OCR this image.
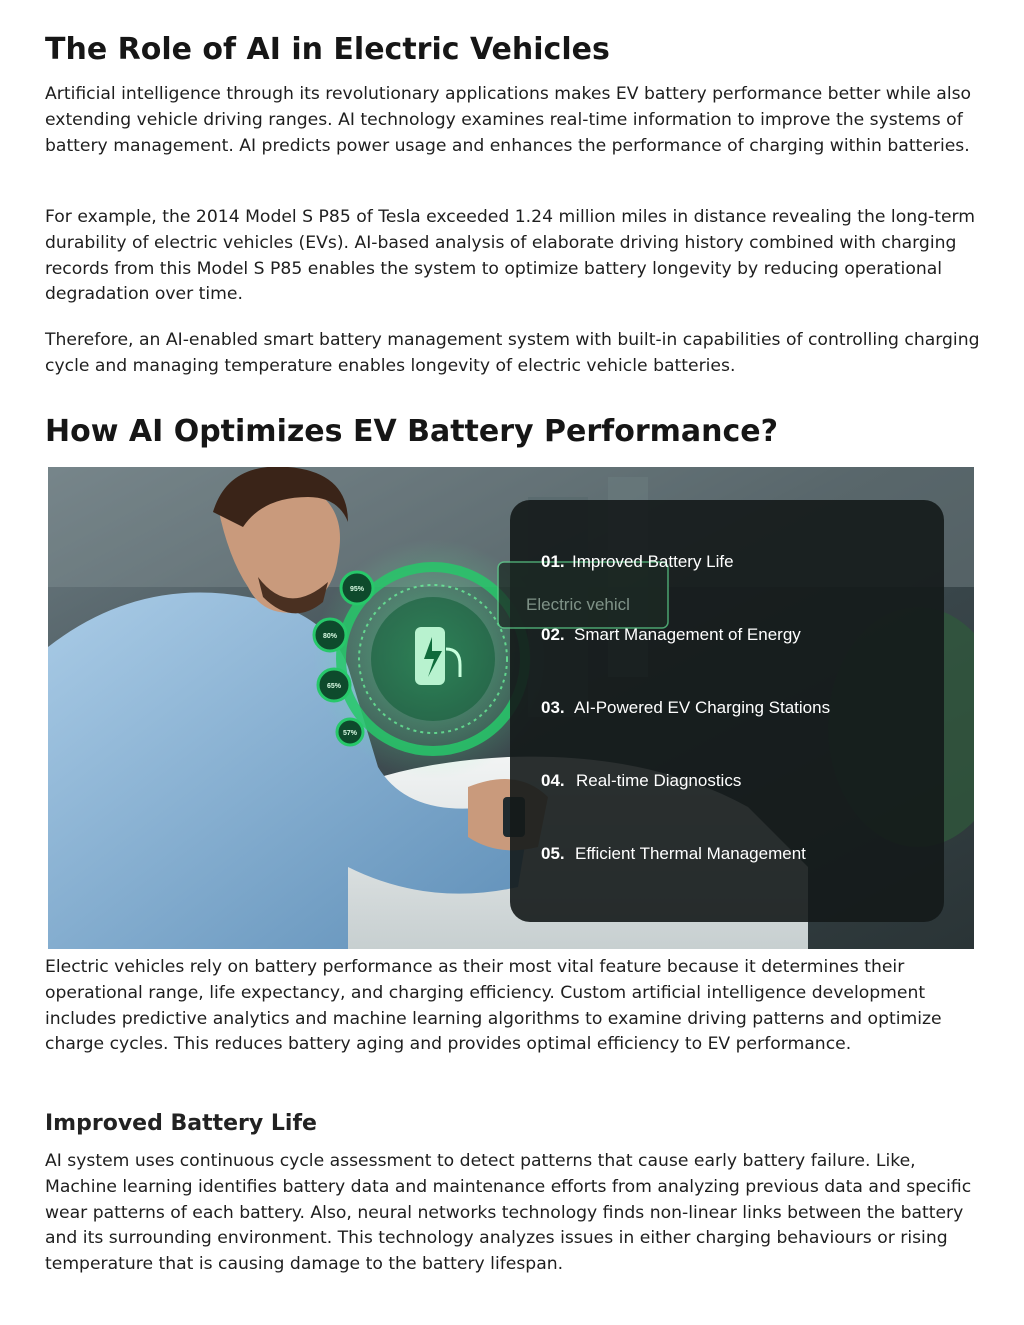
The Role of AI in Electric Vehicles

Artificial intelligence through its revolutionary applications makes EV battery performance better while also extending vehicle driving ranges. AI technology examines real-time information to improve the systems of battery management. AI predicts power usage and enhances the performance of charging within batteries.

For example, the 2014 Model S P85 of Tesla exceeded 1.24 million miles in distance revealing the long-term durability of electric vehicles (EVs). AI-based analysis of elaborate driving history combined with charging records from this Model S P85 enables the system to optimize battery longevity by reducing operational degradation over time.

Therefore, an AI-enabled smart battery management system with built-in capabilities of controlling charging cycle and managing temperature enables longevity of electric vehicle batteries.

How AI Optimizes EV Battery Performance?
95%
80%
65%
57%
Electric vehicl
01. Improved Battery Life
02. Smart Management of Energy
03. AI-Powered EV Charging Stations
04. Real-time Diagnostics
05. Efficient Thermal Management

Electric vehicles rely on battery performance as their most vital feature because it determines their operational range, life expectancy, and charging efficiency. Custom artificial intelligence development includes predictive analytics and machine learning algorithms to examine driving patterns and optimize charge cycles. This reduces battery aging and provides optimal efficiency to EV performance.

Improved Battery Life

AI system uses continuous cycle assessment to detect patterns that cause early battery failure. Like, Machine learning identifies battery data and maintenance efforts from analyzing previous data and specific wear patterns of each battery. Also, neural networks technology finds non-linear links between the battery and its surrounding environment. This technology analyzes issues in either charging behaviours or rising temperature that is causing damage to the battery lifespan.
